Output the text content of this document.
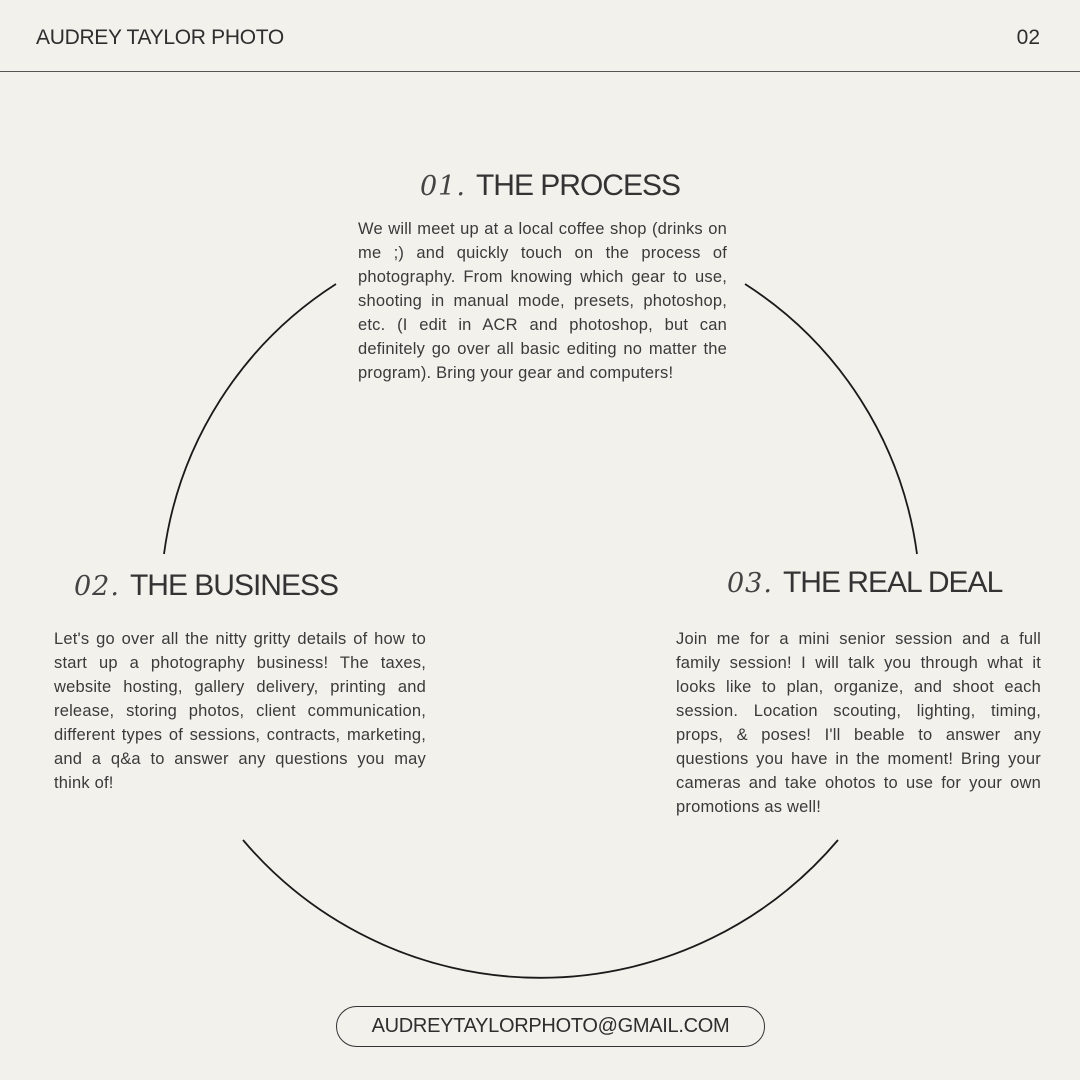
AUDREY TAYLOR PHOTO	02
01. THE PROCESS

We will meet up at a local coffee shop (drinks on me ;) and quickly touch on the process of photography. From knowing which gear to use, shooting in manual mode, presets, photoshop, etc. (I edit in ACR and photoshop, but can definitely go over all basic editing no matter the program). Bring your gear and computers!

02. THE BUSINESS

Let's go over all the nitty gritty details of how to start up a photography business! The taxes, website hosting, gallery delivery, printing and release, storing photos, client communication, different types of sessions, contracts, marketing, and a q&a to answer any questions you may think of!

03. THE REAL DEAL

Join me for a mini senior session and a full family session! I will talk you through what it looks like to plan, organize, and shoot each session. Location scouting, lighting, timing, props, & poses! I'll beable to answer any questions you have in the moment! Bring your cameras and take ohotos to use for your own promotions as well!

AUDREYTAYLORPHOTO@GMAIL.COM
